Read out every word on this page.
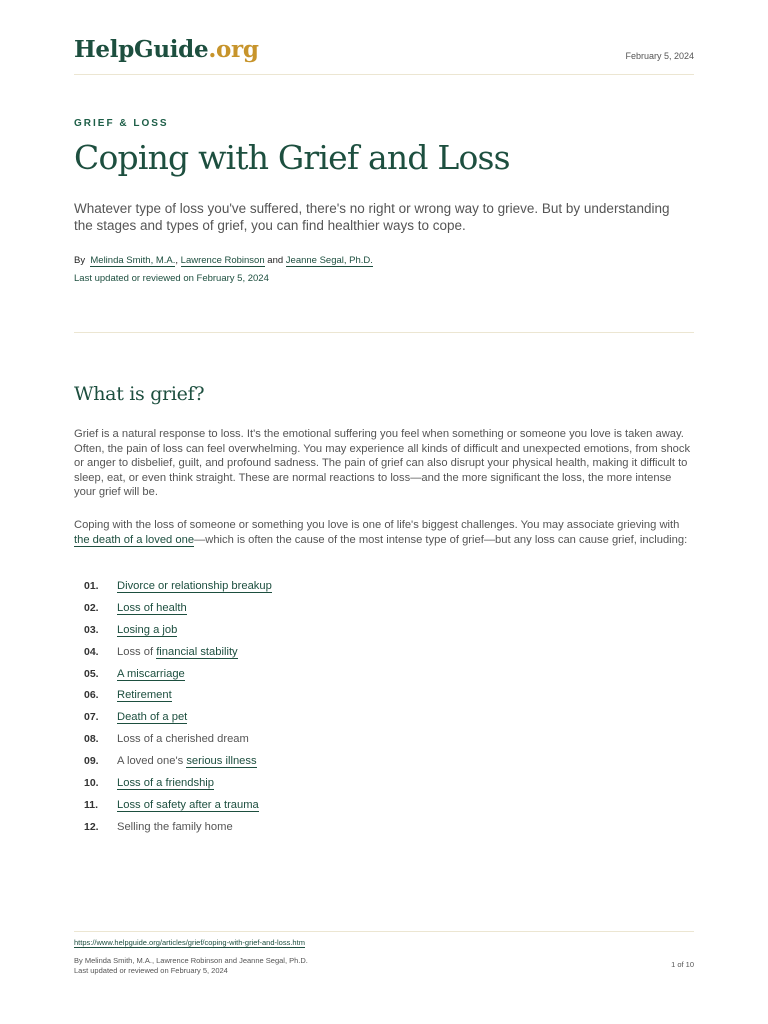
HelpGuide.org	February 5, 2024
GRIEF & LOSS
Coping with Grief and Loss

Whatever type of loss you've suffered, there's no right or wrong way to grieve. But by understanding the stages and types of grief, you can find healthier ways to cope.

By Melinda Smith, M.A., Lawrence Robinson and Jeanne Segal, Ph.D.
Last updated or reviewed on February 5, 2024
What is grief?

Grief is a natural response to loss. It's the emotional suffering you feel when something or someone you love is taken away. Often, the pain of loss can feel overwhelming. You may experience all kinds of difficult and unexpected emotions, from shock or anger to disbelief, guilt, and profound sadness. The pain of grief can also disrupt your physical health, making it difficult to sleep, eat, or even think straight. These are normal reactions to loss—and the more significant the loss, the more intense your grief will be.

Coping with the loss of someone or something you love is one of life's biggest challenges. You may associate grieving with the death of a loved one—which is often the cause of the most intense type of grief—but any loss can cause grief, including:

01. Divorce or relationship breakup
02. Loss of health
03. Losing a job
04. Loss of financial stability
05. A miscarriage
06. Retirement
07. Death of a pet
08. Loss of a cherished dream
09. A loved one's serious illness
10. Loss of a friendship
11. Loss of safety after a trauma
12. Selling the family home
https://www.helpguide.org/articles/grief/coping-with-grief-and-loss.htm
By Melinda Smith, M.A., Lawrence Robinson and Jeanne Segal, Ph.D.
Last updated or reviewed on February 5, 2024
1 of 10
